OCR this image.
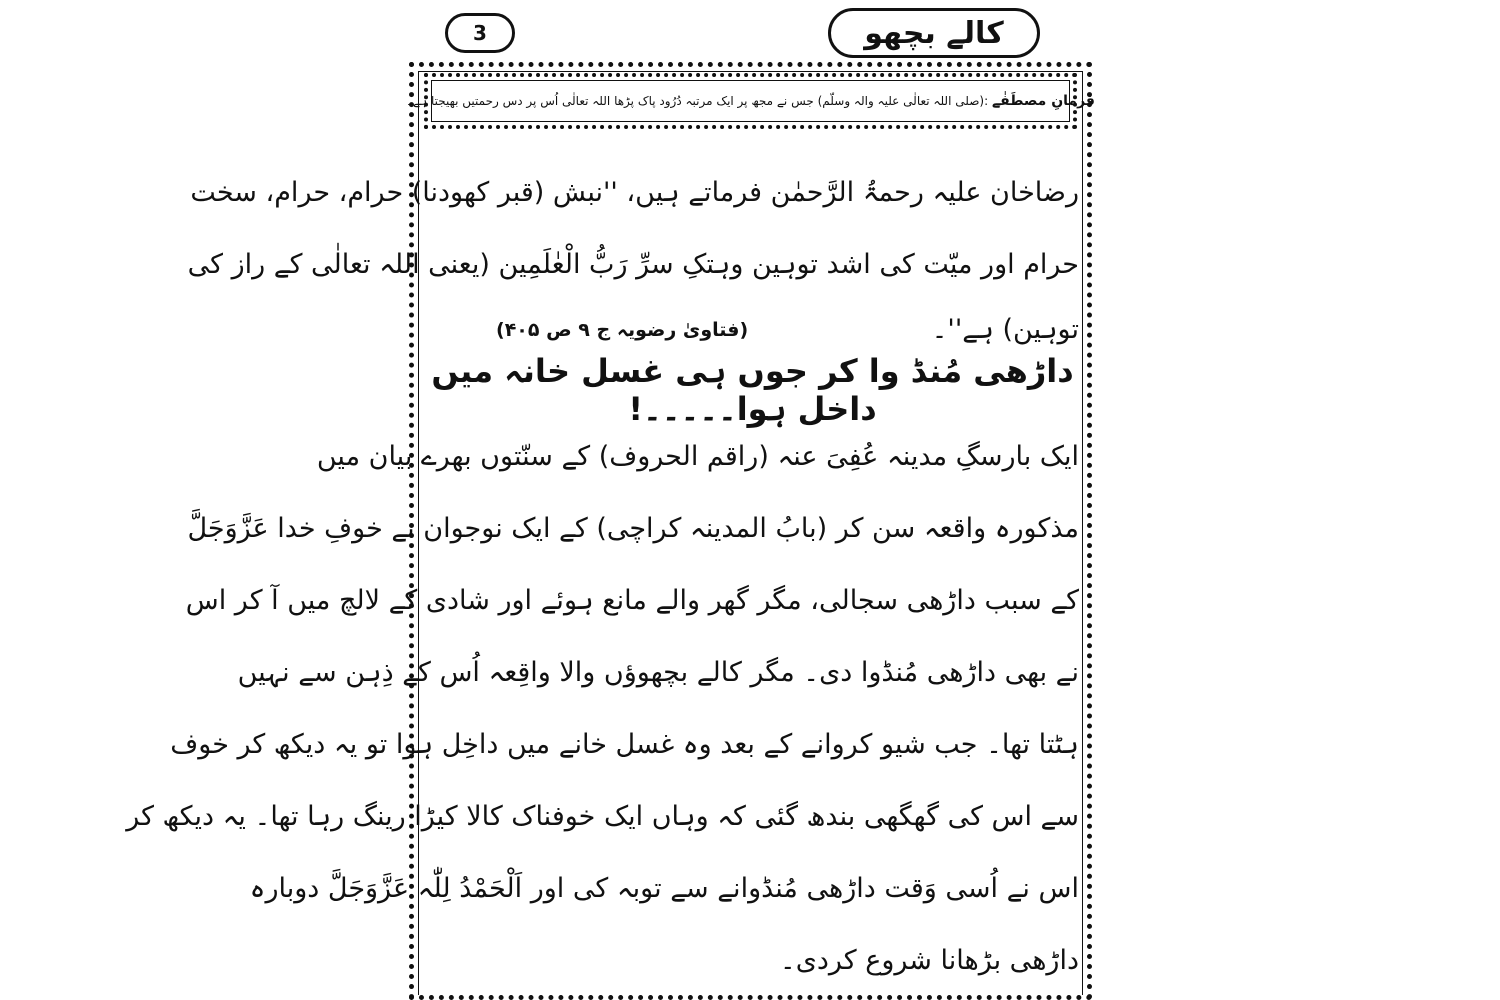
3	کالے بچھو
فرمانِ مصطَفٰے :(صلی اللہ تعالٰی علیہ والہ وسلّم) جس نے مجھ پر ایک مرتبہ دُرُود پاک پڑھا اللہ تعالٰی اُس پر دس رحمتیں بھیجتا ہے۔
رضاخان علیہ رحمۃُ الرَّحمٰن فرماتے ہیں، ''نبش (قبر کھودنا) حرام، حرام، سخت
حرام اور میّت کی اشد توہین وہتکِ سرِّ رَبُّ الْعٰلَمِین (یعنی اللہ تعالٰی کے راز کی
توہین) ہے''۔
(فتاویٰ رضویہ ج ۹ ص ۴۰۵)
داڑھی مُنڈ وا کر جوں ہی غسل خانہ میں داخل ہوا۔۔۔۔۔!
ایک بارسگِ مدینہ عُفِیَ عنہ (راقم الحروف) کے سنّتوں بھرے بیان میں
مذکورہ واقعہ سن کر (بابُ المدینہ کراچی) کے ایک نوجوان نے خوفِ خدا عَزَّوَجَلَّ
کے سبب داڑھی سجالی، مگر گھر والے مانع ہوئے اور شادی کے لالچ میں آ کر اس
نے بھی داڑھی مُنڈوا دی۔ مگر کالے بچھوؤں والا واقِعہ اُس کے ذِہن سے نہیں
ہٹتا تھا۔ جب شیو کروانے کے بعد وہ غسل خانے میں داخِل ہوا تو یہ دیکھ کر خوف
سے اس کی گھگھی بندھ گئی کہ وہاں ایک خوفناک کالا کیڑا رینگ رہا تھا۔ یہ دیکھ کر
اس نے اُسی وَقت داڑھی مُنڈوانے سے توبہ کی اور اَلْحَمْدُ لِلّٰہ عَزَّوَجَلَّ دوبارہ
داڑھی بڑھانا شروع کردی۔
